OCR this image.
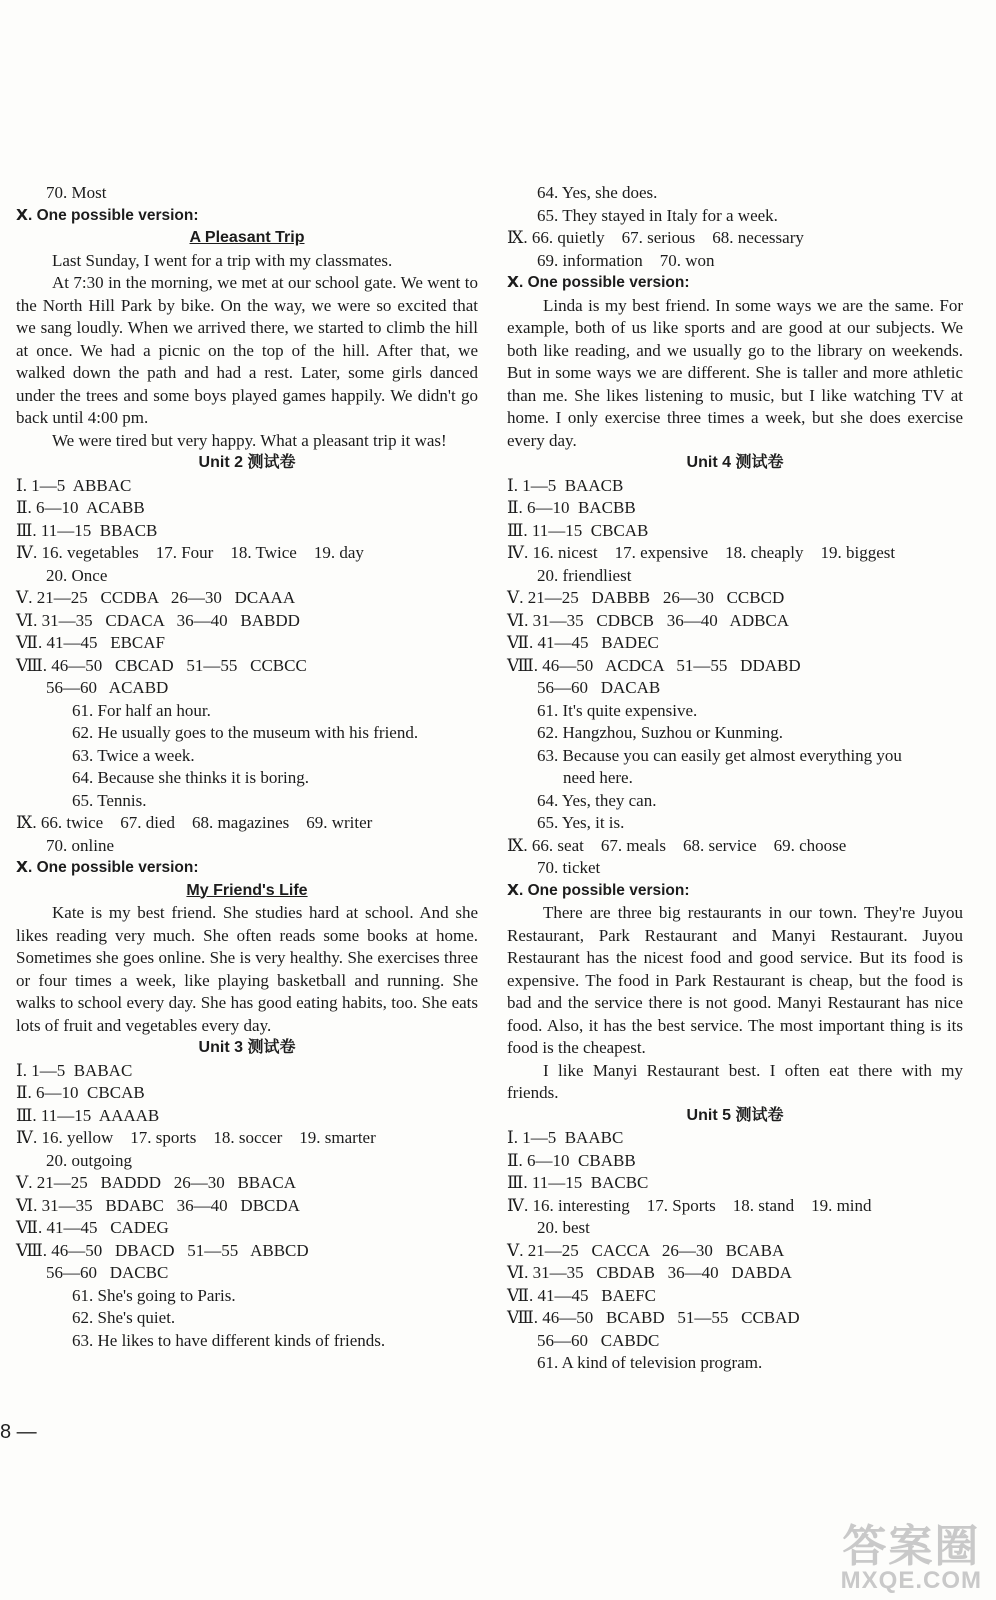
70. Most
Ⅹ. One possible version:
A Pleasant Trip
Last Sunday, I went for a trip with my classmates.
At 7:30 in the morning, we met at our school gate. We went to the North Hill Park by bike. On the way, we were so excited that we sang loudly. When we arrived there, we started to climb the hill at once. We had a picnic on the top of the hill. After that, we walked down the path and had a rest. Later, some girls danced under the trees and some boys played games happily. We didn't go back until 4:00 pm.
We were tired but very happy. What a pleasant trip it was!
Unit 2 测试卷
Ⅰ. 1—5  ABBAC
Ⅱ. 6—10  ACABB
Ⅲ. 11—15  BBACB
Ⅳ. 16. vegetables    17. Four    18. Twice    19. day
20. Once
Ⅴ. 21—25   CCDBA   26—30   DCAAA
Ⅵ. 31—35   CDACA   36—40   BABDD
Ⅶ. 41—45   EBCAF
Ⅷ. 46—50   CBCAD   51—55   CCBCC
56—60   ACABD
61. For half an hour.
62. He usually goes to the museum with his friend.
63. Twice a week.
64. Because she thinks it is boring.
65. Tennis.
Ⅸ. 66. twice    67. died    68. magazines    69. writer
70. online
Ⅹ. One possible version:
My Friend's Life
Kate is my best friend. She studies hard at school. And she likes reading very much. She often reads some books at home. Sometimes she goes online. She is very healthy. She exercises three or four times a week, like playing basketball and running. She walks to school every day. She has good eating habits, too. She eats lots of fruit and vegetables every day.
Unit 3 测试卷
Ⅰ. 1—5  BABAC
Ⅱ. 6—10  CBCAB
Ⅲ. 11—15  AAAAB
Ⅳ. 16. yellow    17. sports    18. soccer    19. smarter
20. outgoing
Ⅴ. 21—25   BADDD   26—30   BBACA
Ⅵ. 31—35   BDABC   36—40   DBCDA
Ⅶ. 41—45   CADEG
Ⅷ. 46—50   DBACD   51—55   ABBCD
56—60   DACBC
61. She's going to Paris.
62. She's quiet.
63. He likes to have different kinds of friends.
64. Yes, she does.
65. They stayed in Italy for a week.
Ⅸ. 66. quietly    67. serious    68. necessary
69. information    70. won
Ⅹ. One possible version:
Linda is my best friend. In some ways we are the same. For example, both of us like sports and are good at our subjects. We both like reading, and we usually go to the library on weekends. But in some ways we are different. She is taller and more athletic than me. She likes listening to music, but I like watching TV at home. I only exercise three times a week, but she does exercise every day.
Unit 4 测试卷
Ⅰ. 1—5  BAACB
Ⅱ. 6—10  BACBB
Ⅲ. 11—15  CBCAB
Ⅳ. 16. nicest    17. expensive    18. cheaply    19. biggest
20. friendliest
Ⅴ. 21—25   DABBB   26—30   CCBCD
Ⅵ. 31—35   CDBCB   36—40   ADBCA
Ⅶ. 41—45   BADEC
Ⅷ. 46—50   ACDCA   51—55   DDABD
56—60   DACAB
61. It's quite expensive.
62. Hangzhou, Suzhou or Kunming.
63. Because you can easily get almost everything you
need here.
64. Yes, they can.
65. Yes, it is.
Ⅸ. 66. seat    67. meals    68. service    69. choose
70. ticket
Ⅹ. One possible version:
There are three big restaurants in our town. They're Juyou Restaurant, Park Restaurant and Manyi Restaurant. Juyou Restaurant has the nicest food and good service. But its food is expensive. The food in Park Restaurant is cheap, but the food is bad and the service there is not good. Manyi Restaurant has nice food. Also, it has the best service. The most important thing is its food is the cheapest.
I like Manyi Restaurant best. I often eat there with my friends.
Unit 5 测试卷
Ⅰ. 1—5  BAABC
Ⅱ. 6—10  CBABB
Ⅲ. 11—15  BACBC
Ⅳ. 16. interesting    17. Sports    18. stand    19. mind
20. best
Ⅴ. 21—25   CACCA   26—30   BCABA
Ⅵ. 31—35   CBDAB   36—40   DABDA
Ⅶ. 41—45   BAEFC
Ⅷ. 46—50   BCABD   51—55   CCBAD
56—60   CABDC
61. A kind of television program.
8 —
答案圈
MXQE.COM
